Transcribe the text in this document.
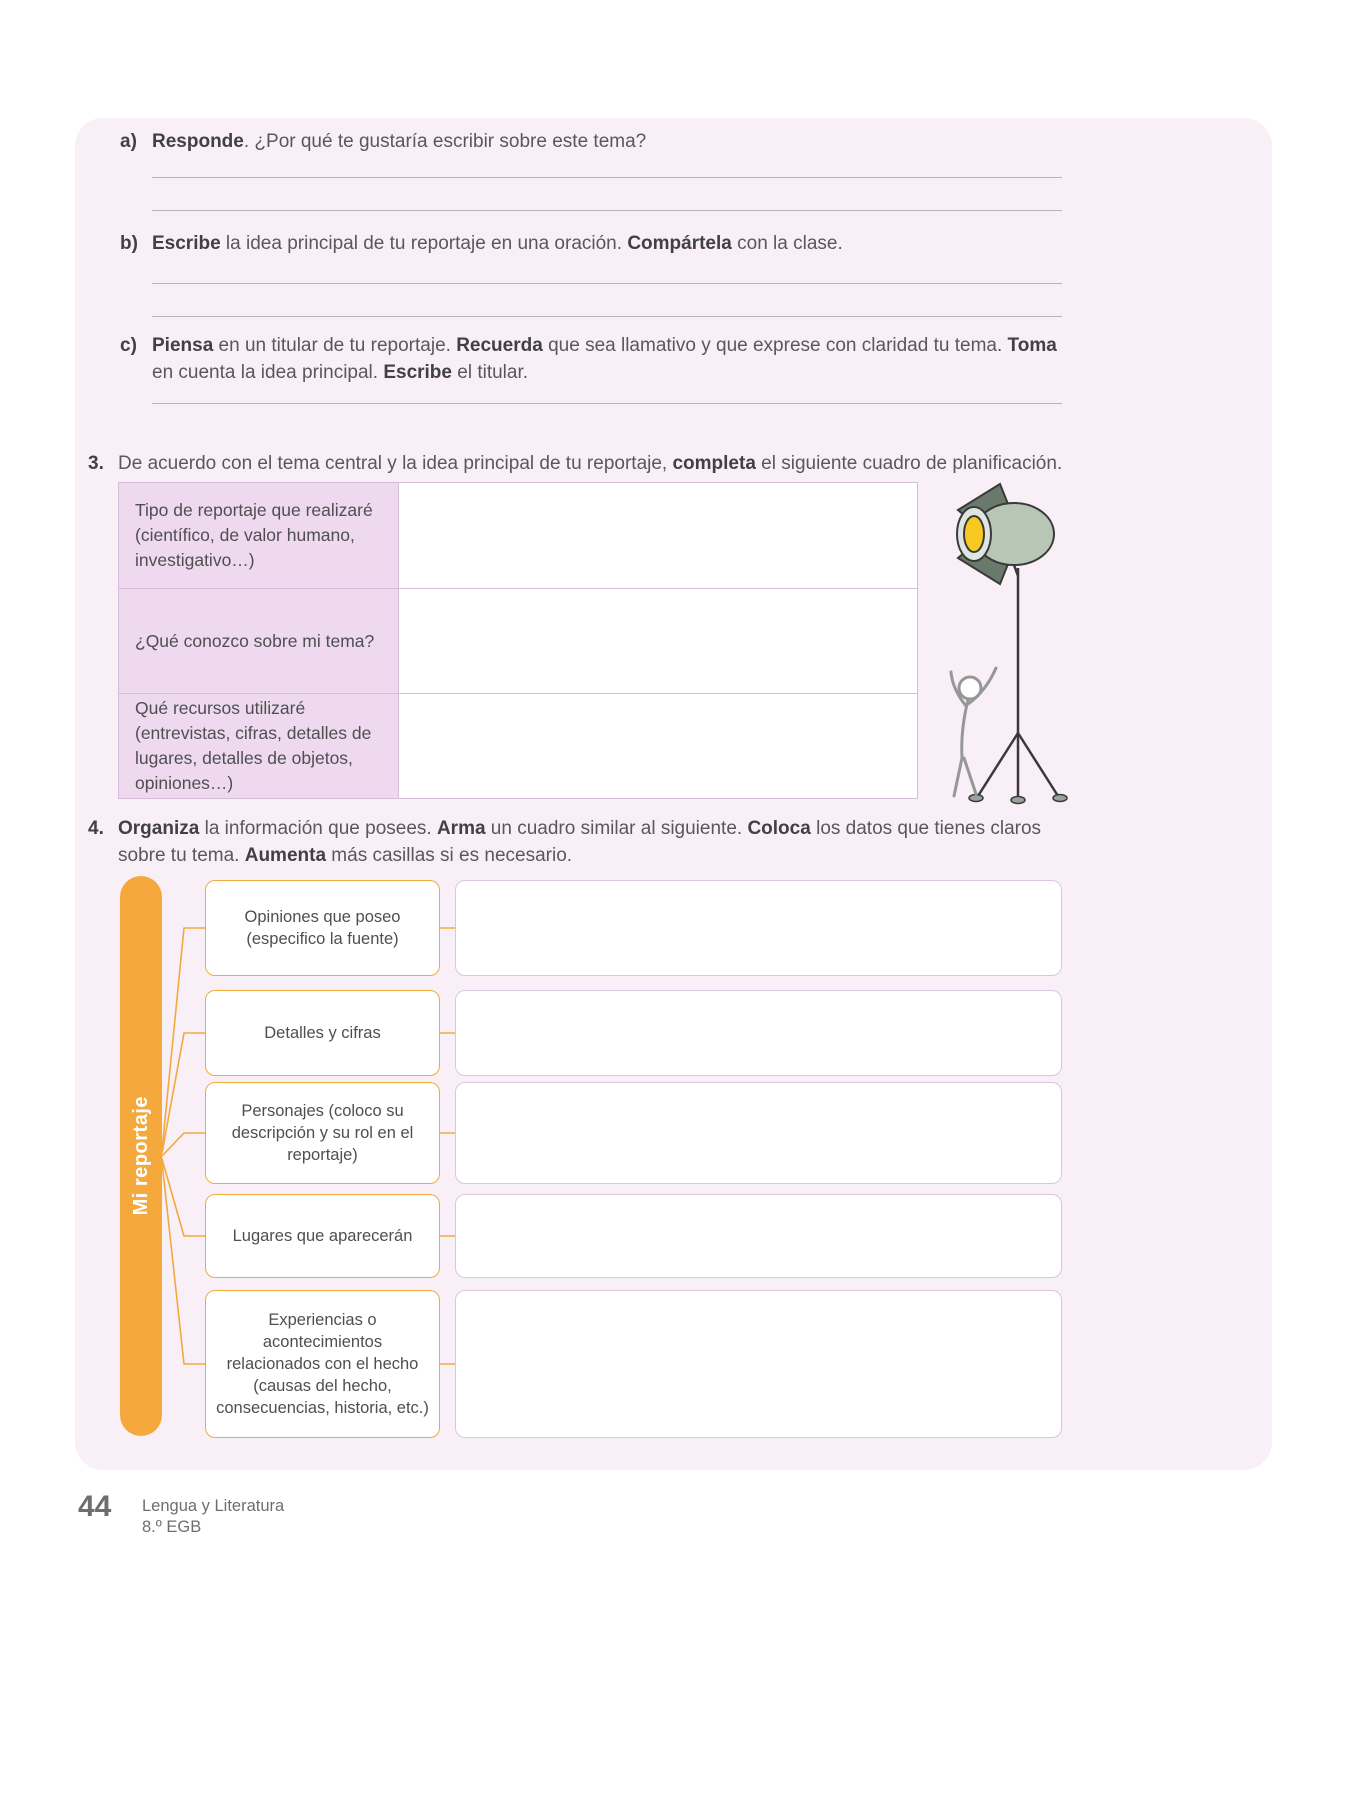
a) Responde. ¿Por qué te gustaría escribir sobre este tema?
b) Escribe la idea principal de tu reportaje en una oración. Compártela con la clase.
c) Piensa en un titular de tu reportaje. Recuerda que sea llamativo y que exprese con claridad tu tema. Toma en cuenta la idea principal. Escribe el titular.
3. De acuerdo con el tema central y la idea principal de tu reportaje, completa el siguiente cuadro de planificación.
Tipo de reportaje que realizaré (científico, de valor humano, investigativo…)
¿Qué conozco sobre mi tema?
Qué recursos utilizaré (entrevistas, cifras, detalles de lugares, detalles de objetos, opiniones…)
4. Organiza la información que posees. Arma un cuadro similar al siguiente. Coloca los datos que tienes claros sobre tu tema. Aumenta más casillas si es necesario.
Mi reportaje
Opiniones que poseo (especifico la fuente)
Detalles y cifras
Personajes (coloco su descripción y su rol en el reportaje)
Lugares que aparecerán
Experiencias o acontecimientos relacionados con el hecho (causas del hecho, consecuencias, historia, etc.)
44 Lengua y Literatura
8.º EGB
